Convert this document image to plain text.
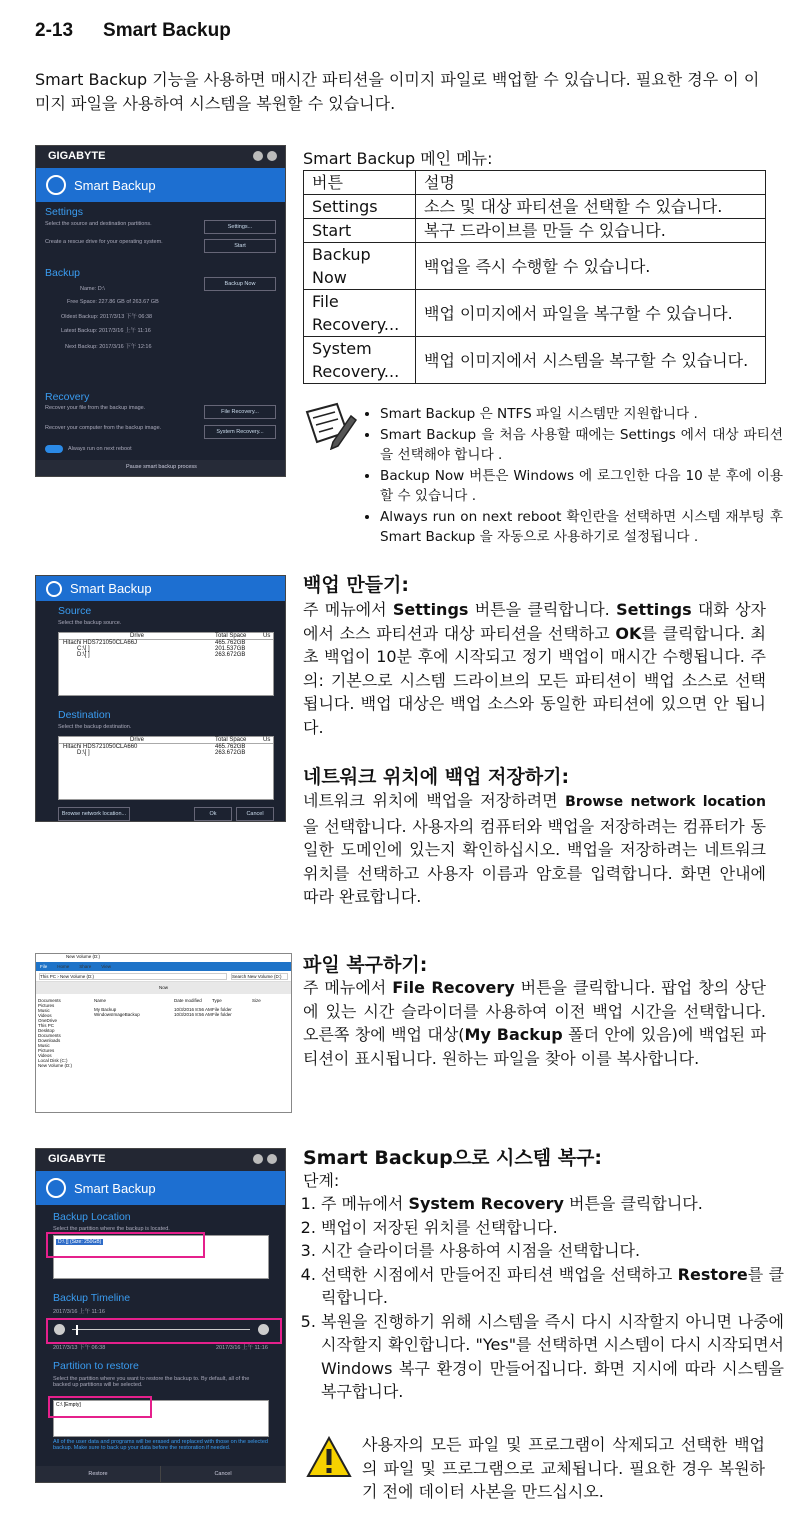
2-13 Smart Backup
Smart Backup 기능을 사용하면 매시간 파티션을 이미지 파일로 백업할 수 있습니다. 필요한 경우 이 이미지 파일을 사용하여 시스템을 복원할 수 있습니다.
GIGABYTE
Smart Backup
Settings
Select the source and destination partitions.	Settings...
Create a rescue drive for your operating system.
Start
Backup
Backup Now
Name: D:\
Free Space: 227.86 GB of 263.67 GB
Oldest Backup: 2017/3/13 下午 06:38
Latest Backup: 2017/3/16 上午 11:16
Next Backup: 2017/3/16 下午 12:16
Recovery
Recover your file from the backup image.
File Recovery...
Recover your computer from the backup image.
System Recovery...
Always run on next reboot
Pause smart backup process
Smart Backup 메인 메뉴:
버튼	설명
Settings	소스 및 대상 파티션을 선택할 수 있습니다.
Start	복구 드라이브를 만들 수 있습니다.
Backup Now	백업을 즉시 수행할 수 있습니다.
File Recovery...	백업 이미지에서 파일을 복구할 수 있습니다.
System Recovery...	백업 이미지에서 시스템을 복구할 수 있습니다.
• Smart Backup 은 NTFS 파일 시스템만 지원합니다 .
• Smart Backup 을 처음 사용할 때에는 Settings 에서 대상 파티션을 선택해야 합니다 .
• Backup Now 버튼은 Windows 에 로그인한 다음 10 분 후에 이용할 수 있습니다 .
• Always run on next reboot 확인란을 선택하면 시스템 재부팅 후 Smart Backup 을 자동으로 사용하기로 설정됩니다 .
Smart Backup
Source
Select the backup source.
Drive	Total Space	Us
Hitachi HDS721050CLA66J	465.762GB
C:\[ ]	201.537GB
D:\[ ]	263.672GB
Destination
Select the backup destination.
Drive	Total Space	Us
Hitachi HDS721050CLA660	465.762GB
D:\[ ]	263.672GB
Browse network location...	Ok	Cancel
백업 만들기:
주 메뉴에서 Settings 버튼을 클릭합니다. Settings 대화 상자에서 소스 파티션과 대상 파티션을 선택하고 OK를 클릭합니다. 최초 백업이 10분 후에 시작되고 정기 백업이 매시간 수행됩니다. 주의: 기본으로 시스템 드라이브의 모든 파티션이 백업 소스로 선택됩니다. 백업 대상은 백업 소스와 동일한 파티션에 있으면 안 됩니다.
네트워크 위치에 백업 저장하기:
네트워크 위치에 백업을 저장하려면 Browse network location 을 선택합니다. 사용자의 컴퓨터와 백업을 저장하려는 컴퓨터가 동일한 도메인에 있는지 확인하십시오. 백업을 저장하려는 네트워크 위치를 선택하고 사용자 이름과 암호를 입력합니다. 화면 안내에 따라 완료합니다.
New Volume (D:)
File Home Share View
This PC › New Volume (D:)	Search New Volume (D:)
Now
Documents
Pictures
Music
Videos
OneDrive
This PC
Desktop
Documents
Downloads
Music
Pictures
Videos
Local Disk (C:)
New Volume (D:)
Name	Date modified	Type	Size
My Backup	10/3/2016 8:56 AM File folder
WindowsImageBackup	10/3/2016 8:56 AM File folder
파일 복구하기:
주 메뉴에서 File Recovery 버튼을 클릭합니다. 팝업 창의 상단에 있는 시간 슬라이더를 사용하여 이전 백업 시간을 선택합니다. 오른쪽 창에 백업 대상(My Backup 폴더 안에 있음)에 백업된 파티션이 표시됩니다. 원하는 파일을 찾아 이를 복사합니다.
GIGABYTE
Smart Backup
Backup Location
Select the partition where the backup is located.
D:\ [] (Size: 250GB)
Backup Timeline
2017/3/16 上午 11:16
2017/3/13 下午 06:38	2017/3/16 上午 11:16
Partition to restore
Select the partition where you want to restore the backup to. By default, all of the backed up partitions will be selected.
C:\ [Empty]
All of the user data and programs will be erased and replaced with those on the selected backup. Make sure to back up your data before the restoration if needed.
Restore	Cancel
Smart Backup으로 시스템 복구:
단계:
1. 주 메뉴에서 System Recovery 버튼을 클릭합니다.
2. 백업이 저장된 위치를 선택합니다.
3. 시간 슬라이더를 사용하여 시점을 선택합니다.
4. 선택한 시점에서 만들어진 파티션 백업을 선택하고 Restore를 클릭합니다.
5. 복원을 진행하기 위해 시스템을 즉시 다시 시작할지 아니면 나중에 시작할지 확인합니다. "Yes"를 선택하면 시스템이 다시 시작되면서 Windows 복구 환경이 만들어집니다. 화면 지시에 따라 시스템을 복구합니다.
사용자의 모든 파일 및 프로그램이 삭제되고 선택한 백업의 파일 및 프로그램으로 교체됩니다. 필요한 경우 복원하기 전에 데이터 사본을 만드십시오.
